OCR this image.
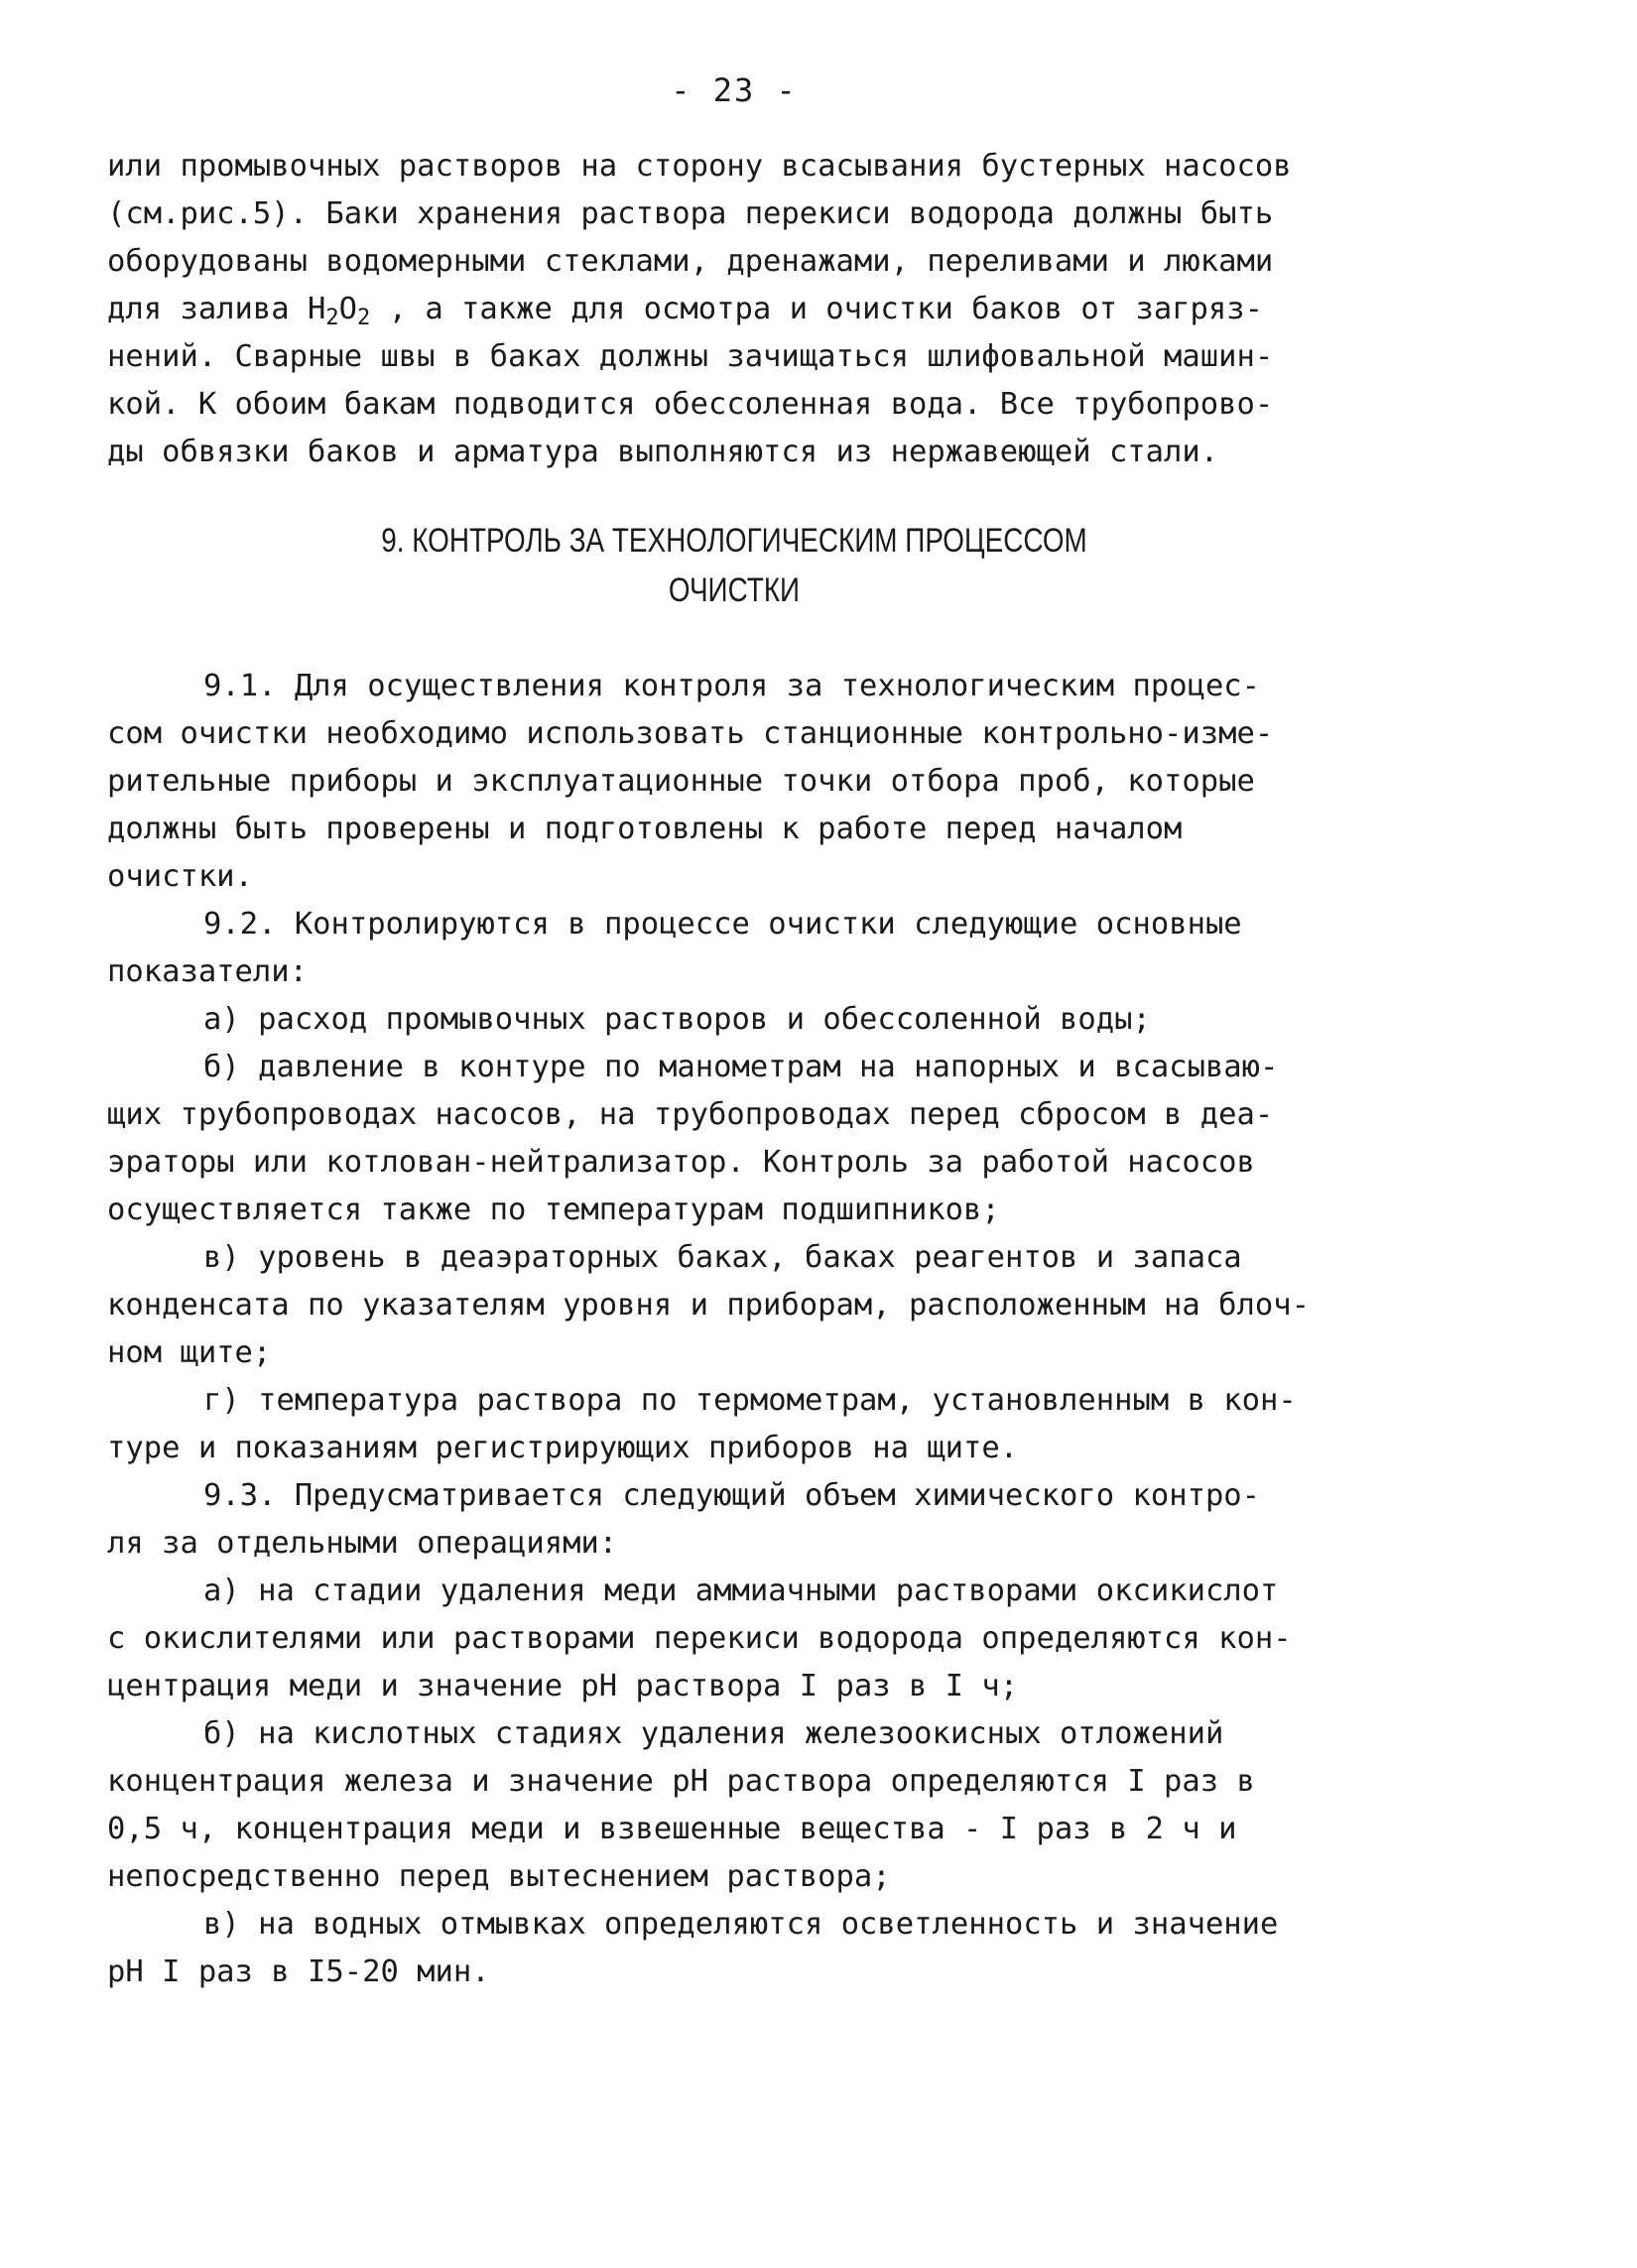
- 23 -
или промывочных растворов на сторону всасывания бустерных насосов
(см.рис.5). Баки хранения раствора перекиси водорода должны быть
оборудованы водомерными стеклами, дренажами, переливами и люками
для залива $H_2O_2$ , а также для осмотра и очистки баков от загряз-
нений. Сварные швы в баках должны зачищаться шлифовальной машин-
кой. К обоим бакам подводится обессоленная вода. Все трубопрово-
ды обвязки баков и арматура выполняются из нержавеющей стали.
9. КОНТРОЛЬ ЗА ТЕХНОЛОГИЧЕСКИМ ПРОЦЕССОМ
ОЧИСТКИ
9.1. Для осуществления контроля за технологическим процес-
сом очистки необходимо использовать станционные контрольно-изме-
рительные приборы и эксплуатационные точки отбора проб, которые
должны быть проверены и подготовлены к работе перед началом
очистки.
9.2. Контролируются в процессе очистки следующие основные
показатели:
а) расход промывочных растворов и обессоленной воды;
б) давление в контуре по манометрам на напорных и всасываю-
щих трубопроводах насосов, на трубопроводах перед сбросом в деа-
эраторы или котлован-нейтрализатор. Контроль за работой насосов
осуществляется также по температурам подшипников;
в) уровень в деаэраторных баках, баках реагентов и запаса
конденсата по указателям уровня и приборам, расположенным на блоч-
ном щите;
г) температура раствора по термометрам, установленным в кон-
туре и показаниям регистрирующих приборов на щите.
9.3. Предусматривается следующий объем химического контро-
ля за отдельными операциями:
а) на стадии удаления меди аммиачными растворами оксикислот
с окислителями или растворами перекиси водорода определяются кон-
центрация меди и значение pH раствора I раз в I ч;
б) на кислотных стадиях удаления железоокисных отложений
концентрация железа и значение pH раствора определяются I раз в
0,5 ч, концентрация меди и взвешенные вещества - I раз в 2 ч и
непосредственно перед вытеснением раствора;
в) на водных отмывках определяются осветленность и значение
pH I раз в I5-20 мин.
